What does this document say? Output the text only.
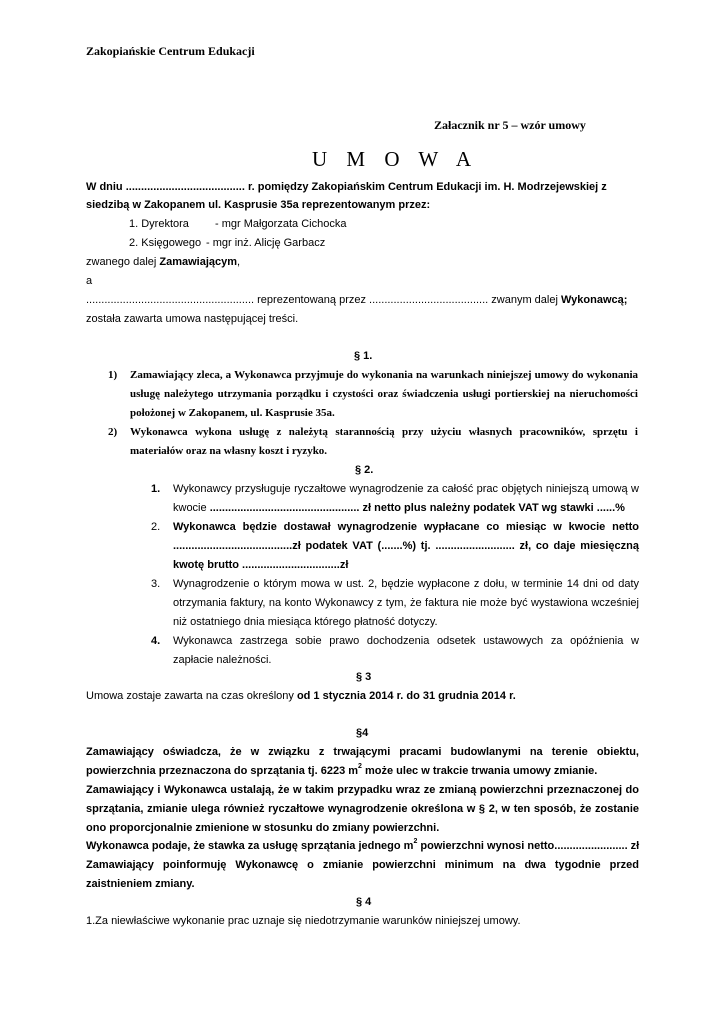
Zakopiańskie Centrum Edukacji
Załacznik nr 5 – wzór umowy
U M O W A
W dniu ....................................... r. pomiędzy Zakopiańskim Centrum Edukacji im. H. Modrzejewskiej z
siedzibą w Zakopanem ul. Kasprusie 35a reprezentowanym przez:
1. Dyrektora - mgr Małgorzata Cichocka
2. Księgowego - mgr inż. Alicję Garbacz
zwanego dalej Zamawiającym,
a
....................................................... reprezentowaną przez ....................................... zwanym dalej Wykonawcą;
została zawarta umowa następującej treści.
§ 1.
1) Zamawiający zleca, a Wykonawca przyjmuje do wykonania na warunkach niniejszej umowy do wykonania
usługę należytego utrzymania porządku i czystości oraz świadczenia usługi portierskiej na nieruchomości
położonej w Zakopanem, ul. Kasprusie 35a.
2) Wykonawca wykona usługę z należytą starannością przy użyciu własnych pracowników, sprzętu i
materiałów oraz na własny koszt i ryzyko.
§ 2.
1. Wykonawcy przysługuje ryczałtowe wynagrodzenie za całość prac objętych niniejszą umową w
kwocie ................................................. zł netto plus należny podatek VAT wg stawki ......%
2. Wykonawca będzie dostawał wynagrodzenie wypłacane co miesiąc w kwocie netto
.......................................zł podatek VAT (.......%) tj. .......................... zł, co daje miesięczną
kwotę brutto ................................zł
3. Wynagrodzenie o którym mowa w ust. 2, będzie wypłacone z dołu, w terminie 14 dni od daty
otrzymania faktury, na konto Wykonawcy z tym, że faktura nie może być wystawiona wcześniej
niż ostatniego dnia miesiąca którego płatność dotyczy.
4. Wykonawca zastrzega sobie prawo dochodzenia odsetek ustawowych za opóźnienia w
zapłacie należności.
§ 3
Umowa zostaje zawarta na czas określony od 1 stycznia 2014 r. do 31 grudnia 2014 r.
§4
Zamawiający oświadcza, że w związku z trwającymi pracami budowlanymi na terenie obiektu,
powierzchnia przeznaczona do sprzątania tj. 6223 $m^2$ może ulec w trakcie trwania umowy zmianie.
Zamawiający i Wykonawca ustalają, że w takim przypadku wraz ze zmianą powierzchni przeznaczonej do
sprzątania, zmianie ulega również ryczałtowe wynagrodzenie określona w § 2, w ten sposób, że zostanie
ono proporcjonalnie zmienione w stosunku do zmiany powierzchni.
Wykonawca podaje, że stawka za usługę sprzątania jednego $m^2$ powierzchni wynosi netto........................ zł
Zamawiający poinformuję Wykonawcę o zmianie powierzchni minimum na dwa tygodnie przed
zaistnieniem zmiany.
§ 4
1.Za niewłaściwe wykonanie prac uznaje się niedotrzymanie warunków niniejszej umowy.
